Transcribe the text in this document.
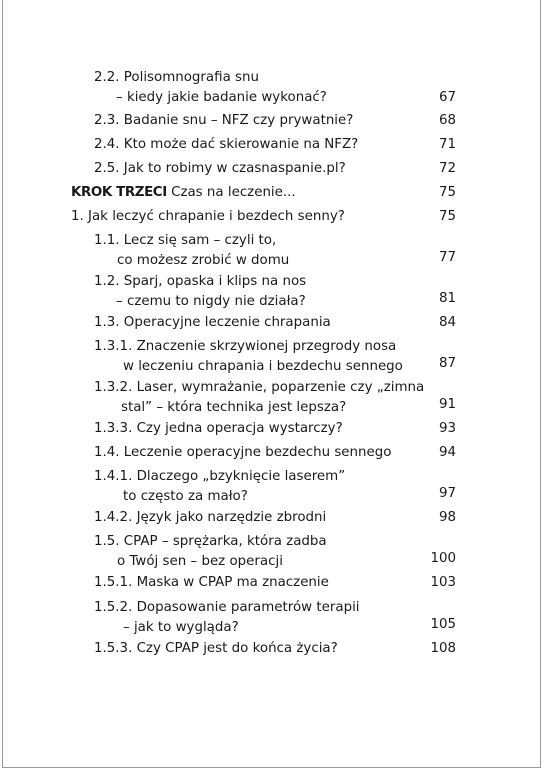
2.2. Polisomnografia snu
– kiedy jakie badanie wykonać?	67
2.3. Badanie snu – NFZ czy prywatnie?	68
2.4. Kto może dać skierowanie na NFZ?	71
2.5. Jak to robimy w czasnaspanie.pl?	72
KROK TRZECI Czas na leczenie...	75
1. Jak leczyć chrapanie i bezdech senny?	75
1.1. Lecz się sam – czyli to,
co możesz zrobić w domu	77
1.2. Sparj, opaska i klips na nos
– czemu to nigdy nie działa?	81
1.3. Operacyjne leczenie chrapania	84
1.3.1. Znaczenie skrzywionej przegrody nosa
w leczeniu chrapania i bezdechu sennego	87
1.3.2. Laser, wymrażanie, poparzenie czy „zimna
stal” – która technika jest lepsza?	91
1.3.3. Czy jedna operacja wystarczy?	93
1.4. Leczenie operacyjne bezdechu sennego	94
1.4.1. Dlaczego „bzyknięcie laserem”
to często za mało?	97
1.4.2. Język jako narzędzie zbrodni	98
1.5. CPAP – sprężarka, która zadba
o Twój sen – bez operacji	100
1.5.1. Maska w CPAP ma znaczenie	103
1.5.2. Dopasowanie parametrów terapii
– jak to wygląda?	105
1.5.3. Czy CPAP jest do końca życia?	108
